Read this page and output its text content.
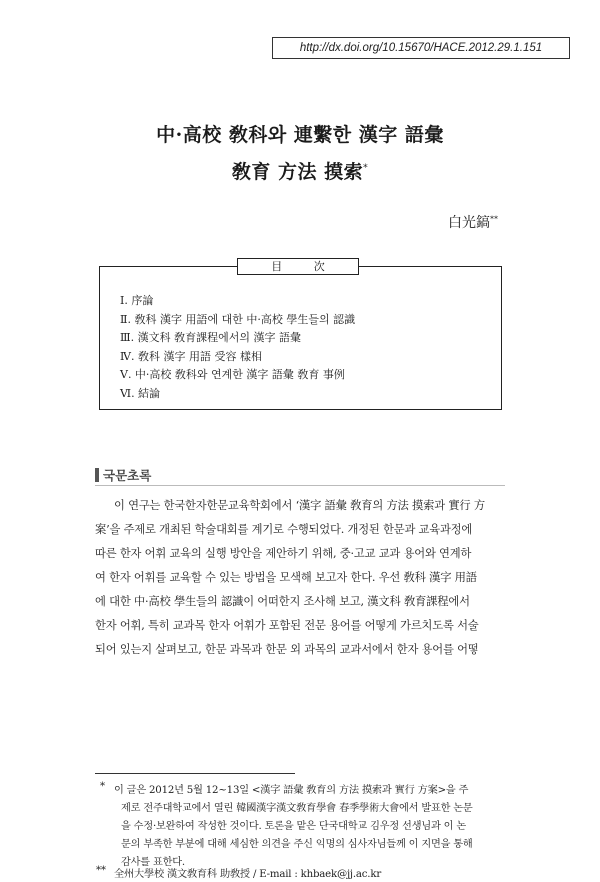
http://dx.doi.org/10.15670/HACE.2012.29.1.151
中·高校 敎科와 連繫한 漢字 語彙
敎育 方法 摸索*
白光鎬**
目 次
Ⅰ. 序論
Ⅱ. 敎科 漢字 用語에 대한 中·高校 學生들의 認識
Ⅲ. 漢文科 敎育課程에서의 漢字 語彙
Ⅳ. 敎科 漢字 用語 受容 樣相
Ⅴ. 中·高校 敎科와 연계한 漢字 語彙 敎育 事例
Ⅵ. 結論
국문초록
이 연구는 한국한자한문교육학회에서 ‘漢字 語彙 敎育의 方法 摸索과 實行 方
案’을 주제로 개최된 학술대회를 계기로 수행되었다. 개정된 한문과 교육과정에
따른 한자 어휘 교육의 실행 방안을 제안하기 위해, 중·고교 교과 용어와 연계하
여 한자 어휘를 교육할 수 있는 방법을 모색해 보고자 한다. 우선 敎科 漢字 用語
에 대한 中·高校 學生들의 認識이 어떠한지 조사해 보고, 漢文科 敎育課程에서
한자 어휘, 특히 교과목 한자 어휘가 포함된 전문 용어를 어떻게 가르치도록 서술
되어 있는지 살펴보고, 한문 과목과 한문 외 과목의 교과서에서 한자 용어를 어떻
* 이 글은 2012년 5월 12~13일 <漢字 語彙 敎育의 方法 摸索과 實行 方案>을 주
제로 전주대학교에서 열린 韓國漢字漢文敎育學會 春季學術大會에서 발표한 논문
을 수정·보완하여 작성한 것이다. 토론을 맡은 단국대학교 김우정 선생님과 이 논
문의 부족한 부분에 대해 세심한 의견을 주신 익명의 심사자님들께 이 지면을 통해
감사를 표한다.
** 全州大學校 漢文敎育科 助敎授 / E-mail : khbaek@jj.ac.kr
